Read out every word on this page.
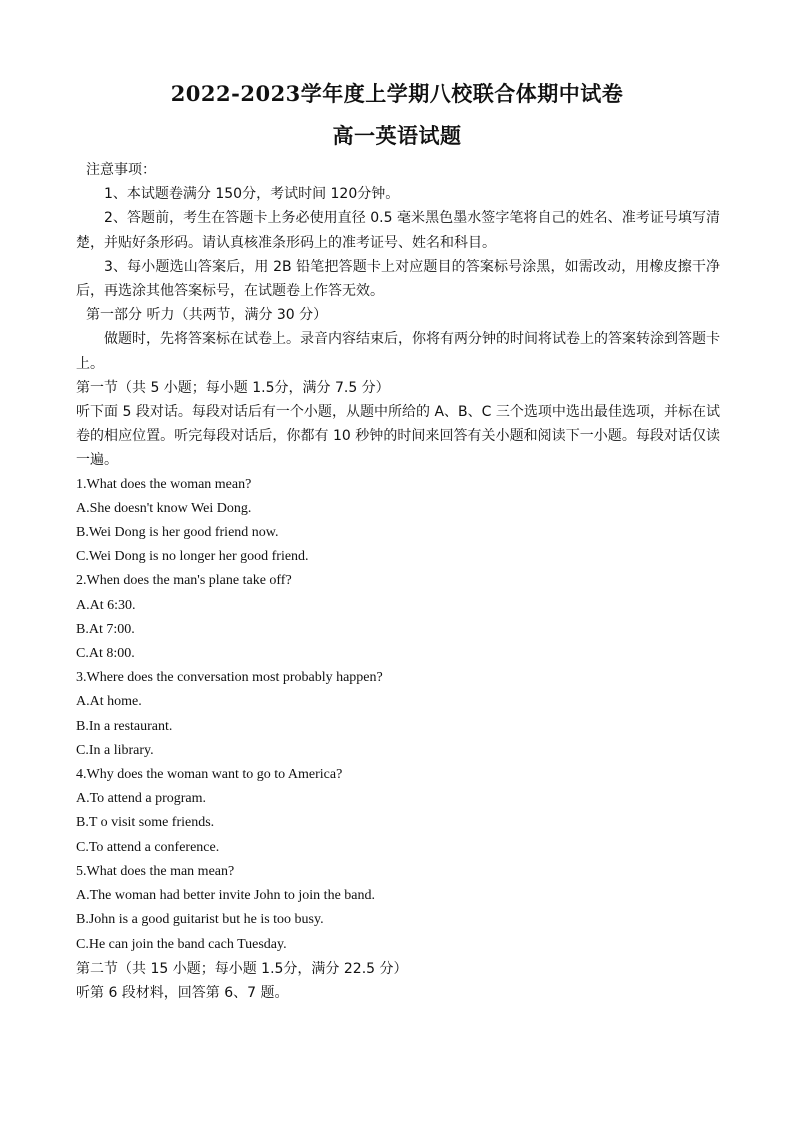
2022-2023学年度上学期八校联合体期中试卷
高一英语试题

注意事项：

1、本试题卷满分 150分，考试时间 120分钟。

2、答题前，考生在答题卡上务必使用直径 0.5 毫米黑色墨水签字笔将自己的姓名、准考证号填写清楚，并贴好条形码。请认真核准条形码上的准考证号、姓名和科目。

3、每小题选山答案后，用 2B 铅笔把答题卡上对应题目的答案标号涂黑，如需改动，用橡皮擦干净后，再选涂其他答案标号，在试题卷上作答无效。

第一部分 听力（共两节，满分 30 分）

做题时，先将答案标在试卷上。录音内容结束后，你将有两分钟的时间将试卷上的答案转涂到答题卡上。

第一节（共 5 小题；每小题 1.5分，满分 7.5 分）

听下面 5 段对话。每段对话后有一个小题，从题中所给的 A、B、C 三个选项中选出最佳选项，并标在试卷的相应位置。听完每段对话后，你都有 10 秒钟的时间来回答有关小题和阅读下一小题。每段对话仅读一遍。

1.What does the woman mean?

A.She doesn't know Wei Dong.

B.Wei Dong is her good friend now.

C.Wei Dong is no longer her good friend.

2.When does the man's plane take off?

A.At 6:30.

B.At 7:00.

C.At 8:00.

3.Where does the conversation most probably happen?

A.At home.

B.In a restaurant.

C.In a library.

4.Why does the woman want to go to America?

A.To attend a program.

B.T o visit some friends.

C.To attend a conference.

5.What does the man mean?

A.The woman had better invite John to join the band.

B.John is a good guitarist but he is too busy.

C.He can join the band cach Tuesday.

第二节（共 15 小题；每小题 1.5分，满分 22.5 分）

听第 6 段材料，回答第 6、7 题。
